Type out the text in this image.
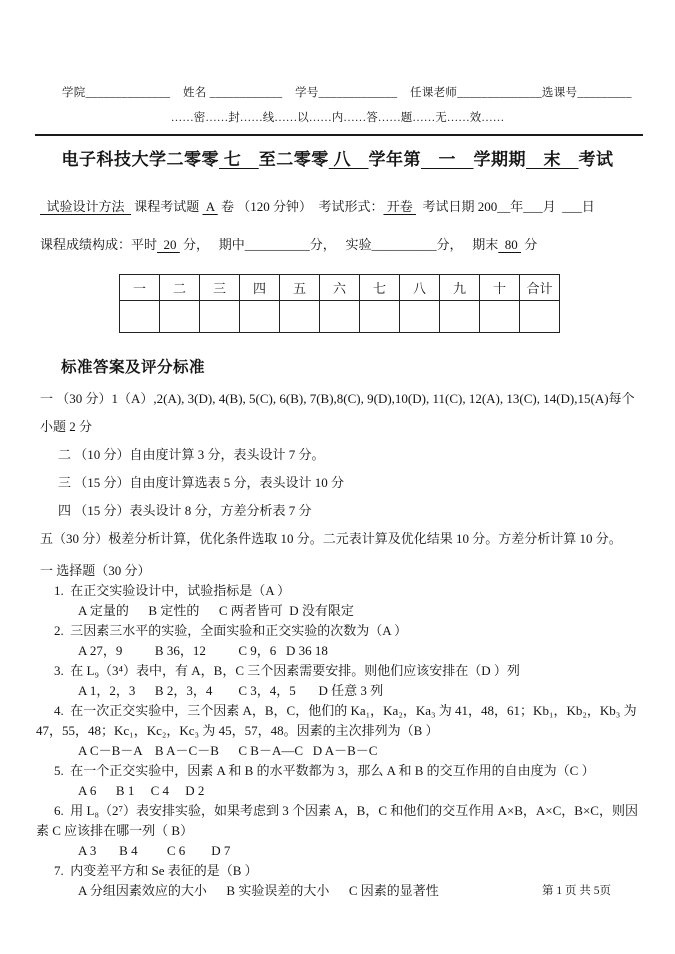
学院______________    姓名 ____________    学号_____________    任课老师______________选课号_________
……密……封……线……以……内……答……题……无……效……
电子科技大学二零零 七　至二零零 八　学年第　一　学期期　末　考试
试验设计方法   课程考试题  A  卷 （120 分钟）  考试形式： 开卷   考试日期 200__年___月  ___日
课程成绩构成：平时  20  分，   期中__________分，   实验__________分，   期末  80  分
一	二	三	四	五	六	七	八	九	十	合计

标准答案及评分标准
一 （30 分）1（A）,2(A), 3(D), 4(B), 5(C), 6(B), 7(B),8(C), 9(D),10(D), 11(C), 12(A), 13(C), 14(D),15(A)每个小题 2 分
二 （10 分）自由度计算 3 分，表头设计 7 分。
三 （15 分）自由度计算选表 5 分，表头设计 10 分
四 （15 分）表头设计 8 分，方差分析表 7 分
五（30 分）极差分析计算，优化条件选取 10 分。二元表计算及优化结果 10 分。方差分析计算 10 分。
一 选择题（30 分）
1.  在正交实验设计中，试验指标是（A ）
A 定量的      B 定性的      C 两者皆可  D 没有限定
2.  三因素三水平的实验，全面实验和正交实验的次数为（A ）
A 27，9          B 36，12          C 9，6   D 36 18
3.  在 L₉（3⁴）表中，有 A，B，C 三个因素需要安排。则他们应该安排在（D ）列
A 1，2，3      B 2，3，4        C 3，4，5       D 任意 3 列
4.  在一次正交实验中，三个因素 A，B，C，他们的 Ka₁，Ka₂，Ka₃ 为 41，48，61；Kb₁，Kb₂，Kb₃ 为 47，55，48；Kc₁，Kc₂，Kc₃ 为 45，57，48。因素的主次排列为（B ）
A C－B－A    B A－C－B      C B－A—C   D A－B－C
5.  在一个正交实验中，因素 A 和 B 的水平数都为 3，那么 A 和 B 的交互作用的自由度为（C ）
A 6      B 1     C 4     D 2
6.  用 L₈（2⁷）表安排实验，如果考虑到 3 个因素 A，B，C 和他们的交互作用 A×B，A×C，B×C，则因素 C 应该排在哪一列（ B）
A 3       B 4         C 6        D 7
7.  内变差平方和 Se 表征的是（B ）
A 分组因素效应的大小      B 实验误差的大小      C 因素的显著性	第 1 页 共 5页
